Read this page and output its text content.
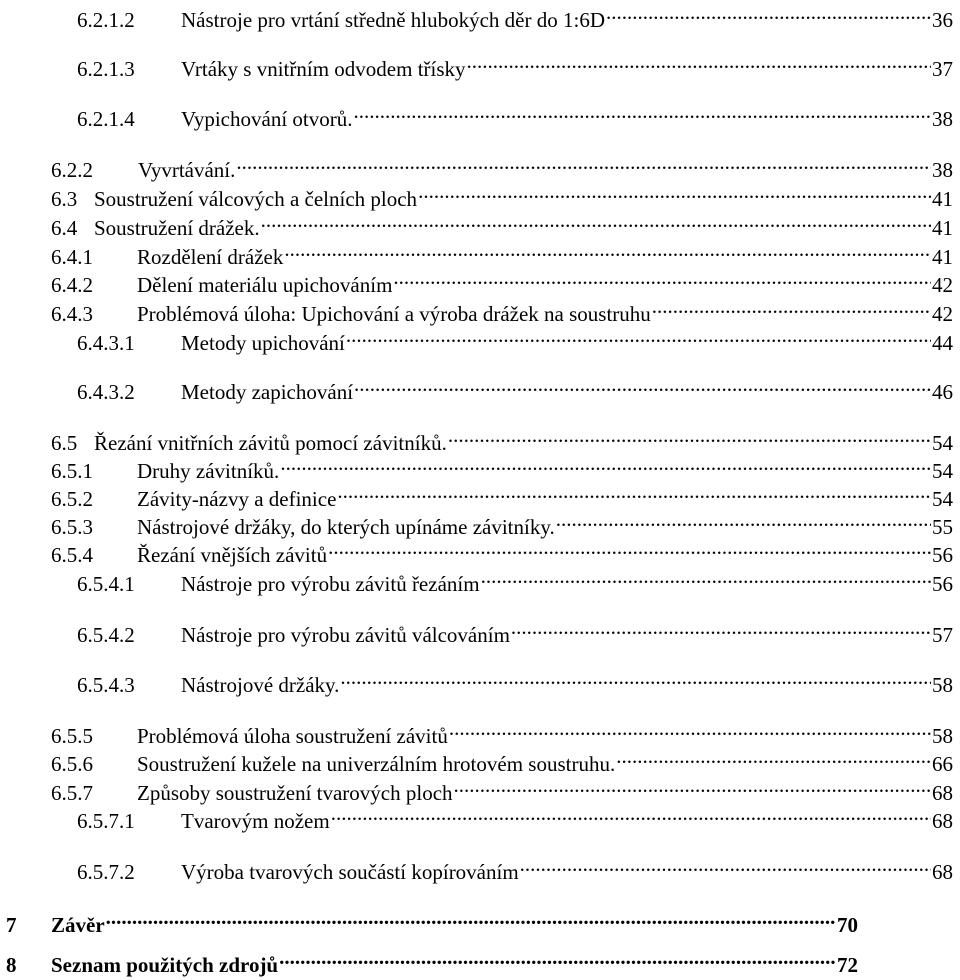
6.2.1.2	Nástroje pro vrtání středně hlubokých děr do 1:6D .....	36
6.2.1.3	Vrtáky s vnitřním odvodem třísky .....	37
6.2.1.4	Vypichování otvorů. .....	38
6.2.2	Vyvrtávání. .....	38
6.3 Soustružení válcových a čelních ploch .....	41
6.4 Soustružení drážek. .....	41
6.4.1	Rozdělení drážek .....	41
6.4.2	Dělení materiálu upichováním .....	42
6.4.3	Problémová úloha: Upichování a výroba drážek na soustruhu .....	42
6.4.3.1	Metody upichování .....	44
6.4.3.2	Metody zapichování .....	46
6.5 Řezání vnitřních závitů pomocí závitníků. .....	54
6.5.1	Druhy závitníků. .....	54
6.5.2	Závity-názvy a definice .....	54
6.5.3	Nástrojové držáky, do kterých upínáme závitníky. .....	55
6.5.4	Řezání vnějších závitů .....	56
6.5.4.1	Nástroje pro výrobu závitů řezáním .....	56
6.5.4.2	Nástroje pro výrobu závitů válcováním .....	57
6.5.4.3	Nástrojové držáky. .....	58
6.5.5	Problémová úloha soustružení závitů .....	58
6.5.6	Soustružení kužele na univerzálním hrotovém soustruhu. .....	66
6.5.7	Způsoby soustružení tvarových ploch .....	68
6.5.7.1	Tvarovým nožem .....	68
6.5.7.2	Výroba tvarových součástí kopírováním .....	68
7	Závěr .....	70
8	Seznam použitých zdrojů .....	72
